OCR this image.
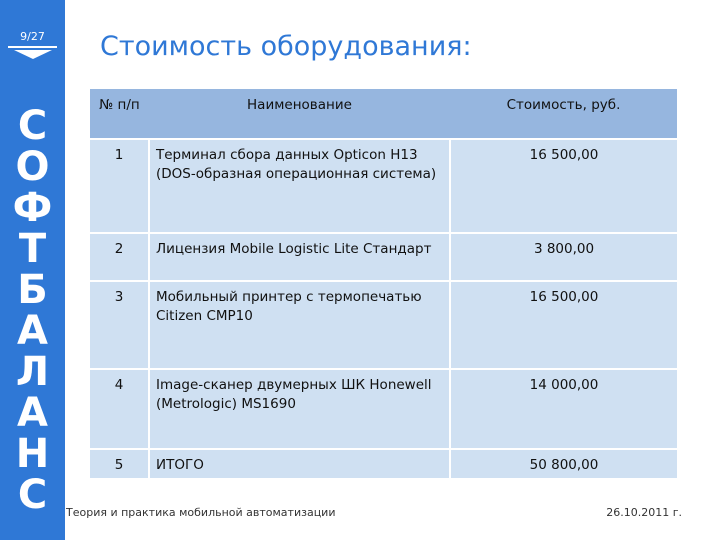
9/27
С
О
Ф
Т
Б
А
Л
А
Н
С
Стоимость оборудования:
№ п/п	Наименование	Стоимость, руб.
1	Терминал сбора данных Opticon H13 (DOS-образная операционная система)	16 500,00
2	Лицензия Mobile Logistic Lite Стандарт	3 800,00
3	Мобильный принтер с термопечатью Citizen CMP10	16 500,00
4	Image-сканер двумерных ШК Honewell (Metrologic) MS1690	14 000,00
5	ИТОГО	50 800,00
Теория и практика мобильной автоматизации	26.10.2011 г.
